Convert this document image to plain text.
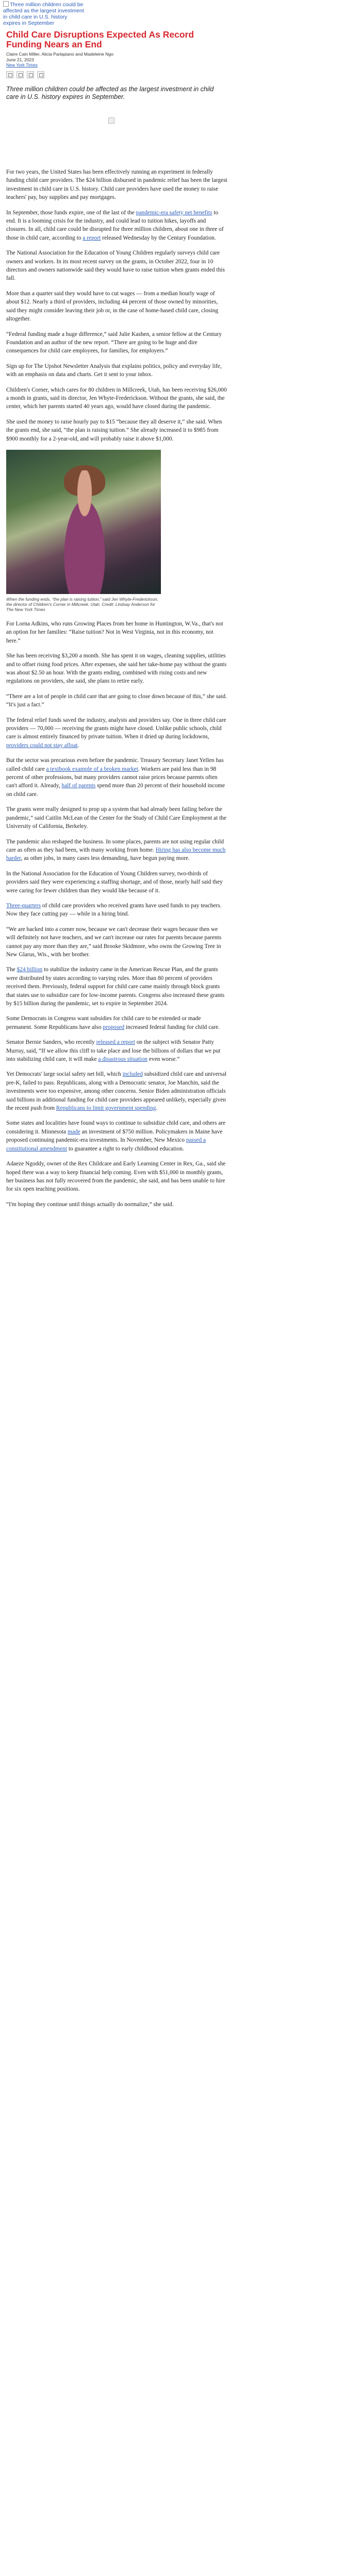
Three million children could be affected as the largest investment in child care in U.S. history expires in September
Child Care Disruptions Expected As Record Funding Nears an End
Claire Cain Miller, Alicia Parlapiano and Madeleine Ngo
June 21, 2023
New York Times

Three million children could be affected as the largest investment in child care in U.S. history expires in September.

For two years, the United States has been effectively running an experiment in federally funding child care providers. The $24 billion disbursed in pandemic relief has been the largest investment in child care in U.S. history. Child care providers have used the money to raise teachers' pay, buy supplies and pay mortgages.

In September, those funds expire, one of the last of the pandemic-era safety net benefits to end. It is a looming crisis for the industry, and could lead to tuition hikes, layoffs and closures. In all, child care could be disrupted for three million children, about one in three of those in child care, according to a report released Wednesday by the Century Foundation.

The National Association for the Education of Young Children regularly surveys child care owners and workers. In its most recent survey on the grants, in October 2022, four in 10 directors and owners nationwide said they would have to raise tuition when grants ended this fall.

More than a quarter said they would have to cut wages — from a median hourly wage of about $12. Nearly a third of providers, including 44 percent of those owned by minorities, said they might consider leaving their job or, in the case of home-based child care, closing altogether.

“Federal funding made a huge difference,” said Julie Kashen, a senior fellow at the Century Foundation and an author of the new report. “There are going to be huge and dire consequences for child care employees, for families, for employers.”

Sign up for The Upshot Newsletter Analysis that explains politics, policy and everyday life, with an emphasis on data and charts. Get it sent to your inbox.

Children's Corner, which cares for 80 children in Millcreek, Utah, has been receiving $26,000 a month in grants, said its director, Jen Whyte-Frederickson. Without the grants, she said, the center, which her parents started 40 years ago, would have closed during the pandemic.

She used the money to raise hourly pay to $15 “because they all deserve it,” she said. When the grants end, she said, “the plan is raising tuition.” She already increased it to $985 from $900 monthly for a 2-year-old, and will probably raise it above $1,000.

When the funding ends, “the plan is raising tuition,” said Jen Whyte-Frederickson, the director of Children's Corner in Millcreek, Utah. Credit: Lindsay Anderson for The New York Times

For Lorna Adkins, who runs Growing Places from her home in Huntington, W.Va., that's not an option for her families: “Raise tuition? Not in West Virginia, not in this economy, not here.”

She has been receiving $3,200 a month. She has spent it on wages, cleaning supplies, utilities and to offset rising food prices. After expenses, she said her take-home pay without the grants was about $2.50 an hour. With the grants ending, combined with rising costs and new regulations on providers, she said, she plans to retire early.

“There are a lot of people in child care that are going to close down because of this,” she said. “It's just a fact.”

The federal relief funds saved the industry, analysts and providers say. One in three child care providers — 70,000 — receiving the grants might have closed. Unlike public schools, child care is almost entirely financed by private tuition. When it dried up during lockdowns, providers could not stay afloat.

But the sector was precarious even before the pandemic. Treasury Secretary Janet Yellen has called child care a textbook example of a broken market. Workers are paid less than in 98 percent of other professions, but many providers cannot raise prices because parents often can't afford it. Already, half of parents spend more than 20 percent of their household income on child care.

The grants were really designed to prop up a system that had already been failing before the pandemic,” said Caitlin McLean of the Center for the Study of Child Care Employment at the University of California, Berkeley.

The pandemic also reshaped the business. In some places, parents are not using regular child care as often as they had been, with many working from home. Hiring has also become much harder, as other jobs, in many cases less demanding, have begun paying more.

In the National Association for the Education of Young Children survey, two-thirds of providers said they were experiencing a staffing shortage, and of those, nearly half said they were caring for fewer children than they would like because of it.

Three-quarters of child care providers who received grants have used funds to pay teachers. Now they face cutting pay — while in a hiring bind.

“We are backed into a corner now, because we can't decrease their wages because then we will definitely not have teachers, and we can't increase our rates for parents because parents cannot pay any more than they are,” said Brooke Skidmore, who owns the Growing Tree in New Glarus, Wis., with her brother.

The $24 billion to stabilize the industry came in the American Rescue Plan, and the grants were distributed by states according to varying rules. More than 80 percent of providers received them. Previously, federal support for child care came mainly through block grants that states use to subsidize care for low-income parents. Congress also increased these grants by $15 billion during the pandemic, set to expire in September 2024.

Some Democrats in Congress want subsidies for child care to be extended or made permanent. Some Republicans have also proposed increased federal funding for child care.

Senator Bernie Sanders, who recently released a report on the subject with Senator Patty Murray, said, “If we allow this cliff to take place and lose the billions of dollars that we put into stabilizing child care, it will make a disastrous situation even worse.”

Yet Democrats' large social safety net bill, which included subsidized child care and universal pre-K, failed to pass. Republicans, along with a Democratic senator, Joe Manchin, said the investments were too expensive, among other concerns. Senior Biden administration officials said billions in additional funding for child care providers appeared unlikely, especially given the recent push from Republicans to limit government spending.

Some states and localities have found ways to continue to subsidize child care, and others are considering it. Minnesota made an investment of $750 million. Policymakers in Maine have proposed continuing pandemic-era investments. In November, New Mexico passed a constitutional amendment to guarantee a right to early childhood education.

Adaeze Ngoddy, owner of the Rex Childcare and Early Learning Center in Rex, Ga., said she hoped there was a way to keep financial help coming. Even with $51,000 in monthly grants, her business has not fully recovered from the pandemic, she said, and has been unable to hire for six open teaching positions.

“I'm hoping they continue until things actually do normalize,” she said.
